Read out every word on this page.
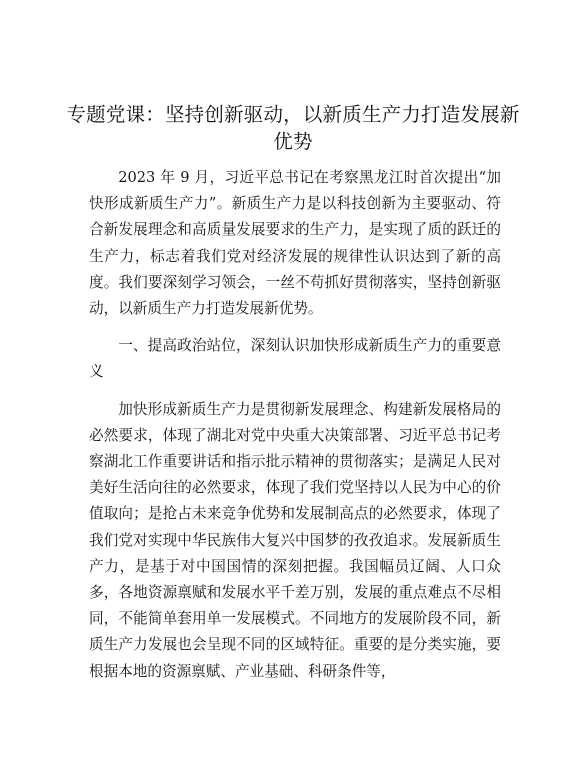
专题党课：坚持创新驱动，以新质生产力打造发展新优势

2023 年 9 月，习近平总书记在考察黑龙江时首次提出“加快形成新质生产力”。新质生产力是以科技创新为主要驱动、符合新发展理念和高质量发展要求的生产力，是实现了质的跃迁的生产力，标志着我们党对经济发展的规律性认识达到了新的高度。我们要深刻学习领会，一丝不苟抓好贯彻落实，坚持创新驱动，以新质生产力打造发展新优势。

一、提高政治站位，深刻认识加快形成新质生产力的重要意义

加快形成新质生产力是贯彻新发展理念、构建新发展格局的必然要求，体现了湖北对党中央重大决策部署、习近平总书记考察湖北工作重要讲话和指示批示精神的贯彻落实；是满足人民对美好生活向往的必然要求，体现了我们党坚持以人民为中心的价值取向；是抢占未来竞争优势和发展制高点的必然要求，体现了我们党对实现中华民族伟大复兴中国梦的孜孜追求。发展新质生产力，是基于对中国国情的深刻把握。我国幅员辽阔、人口众多，各地资源禀赋和发展水平千差万别，发展的重点难点不尽相同，不能简单套用单一发展模式。不同地方的发展阶段不同，新质生产力发展也会呈现不同的区域特征。重要的是分类实施，要根据本地的资源禀赋、产业基础、科研条件等，
